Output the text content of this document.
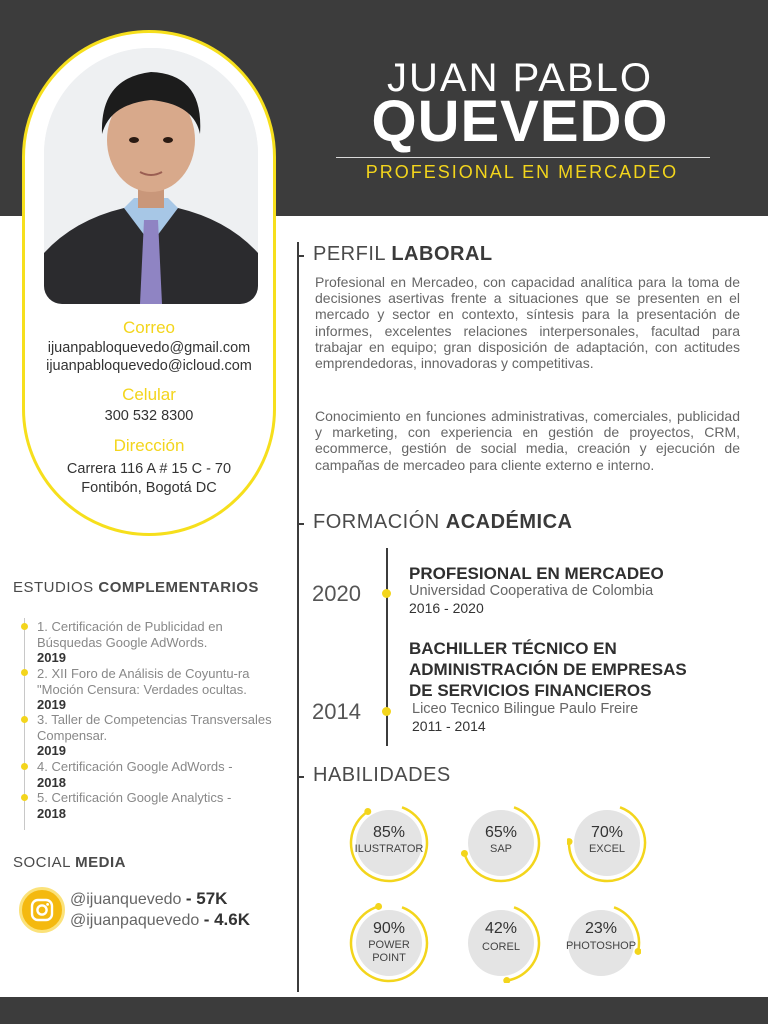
JUAN PABLO
QUEVEDO
PROFESIONAL EN MERCADEO
Correo
ijuanpabloquevedo@gmail.com
ijuanpabloquevedo@icloud.com
Celular
300 532 8300
Dirección
Carrera 116 A # 15 C - 70
Fontibón, Bogotá DC
PERFIL LABORAL
Profesional en Mercadeo, con capacidad analítica para la toma de decisiones asertivas frente a situaciones que se presenten en el mercado y sector en contexto, síntesis para la presentación de informes, excelentes relaciones interpersonales, facultad para trabajar en equipo; gran disposición de adaptación, con actitudes emprendedoras, innovadoras y competitivas.
Conocimiento en funciones administrativas, comerciales, publicidad y marketing, con experiencia en gestión de proyectos, CRM, ecommerce, gestión de social media, creación y ejecución de campañas de mercadeo para cliente externo e interno.
FORMACIÓN ACADÉMICA
2020
PROFESIONAL EN MERCADEO
Universidad Cooperativa de Colombia
2016 - 2020
2014
BACHILLER TÉCNICO EN
ADMINISTRACIÓN DE EMPRESAS
DE SERVICIOS FINANCIEROS
Liceo Tecnico Bilingue Paulo Freire
2011 - 2014
ESTUDIOS COMPLEMENTARIOS
1. Certificación de Publicidad en Búsquedas Google AdWords.
2019
2. XII Foro de Análisis de Coyuntu-ra "Moción Censura: Verdades ocultas. 2019
3. Taller de Competencias Transversales Compensar.
2019
4. Certificación Google AdWords -
2018
5. Certificación Google Analytics -
2018
SOCIAL MEDIA
@ijuanquevedo - 57K
@ijuanpaquevedo - 4.6K
HABILIDADES
85%
ILUSTRATOR
65%
SAP
70%
EXCEL
90%
POWER
POINT
42%
COREL
23%
PHOTOSHOP
